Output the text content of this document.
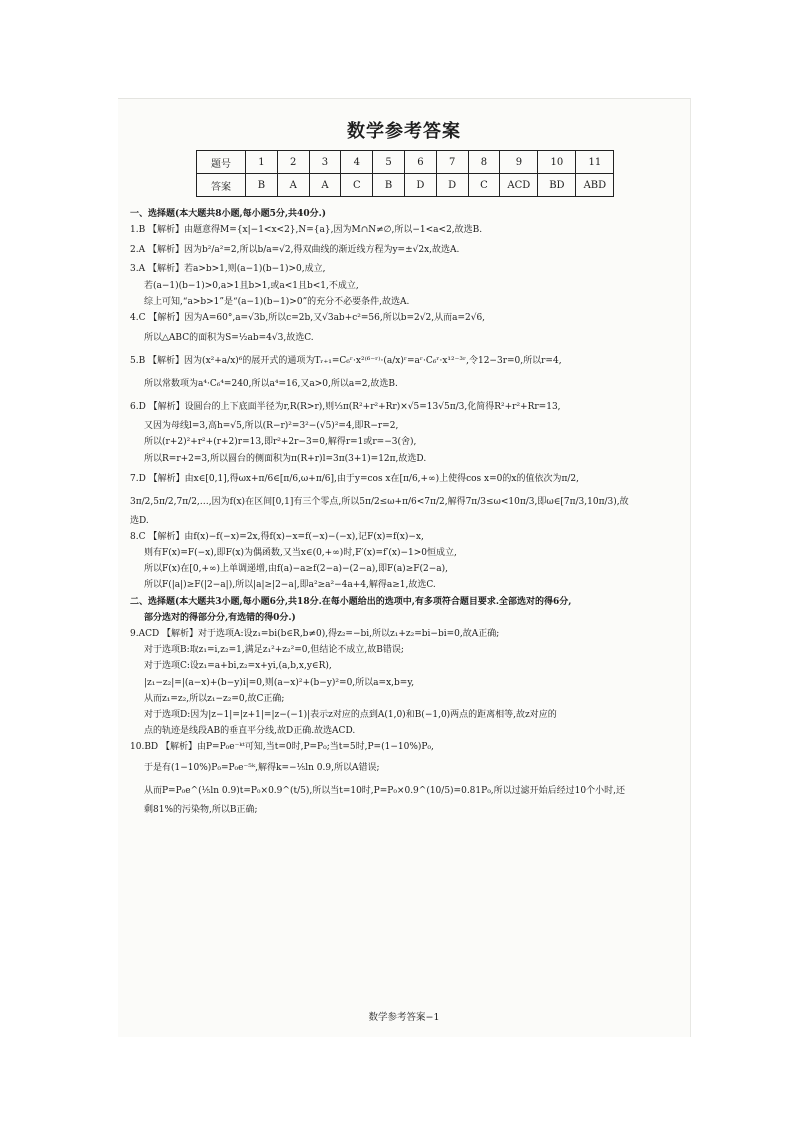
数学参考答案
题号	1	2	3	4	5	6	7	8	9	10	11
答案	B	A	A	C	B	D	D	C	ACD	BD	ABD
一、选择题(本大题共8小题,每小题5分,共40分.)
1.B 【解析】由题意得M={x|−1<x<2},N={a},因为M∩N≠∅,所以−1<a<2,故选B.
2.A 【解析】因为b²/a²=2,所以b/a=√2,得双曲线的渐近线方程为y=±√2x,故选A.
3.A 【解析】若a>b>1,则(a−1)(b−1)>0,成立,
若(a−1)(b−1)>0,a>1且b>1,或a<1且b<1,不成立,
综上可知,“a>b>1”是“(a−1)(b−1)>0”的充分不必要条件,故选A.
4.C 【解析】因为A=60°,a=√3b,所以c=2b,又√3ab+c²=56,所以b=2√2,从而a=2√6,
所以△ABC的面积为S=½ab=4√3,故选C.
5.B 【解析】因为(x²+a/x)⁶的展开式的通项为Tᵣ₊₁=C₆ʳ·x²⁽⁶⁻ʳ⁾·(a/x)ʳ=aʳ·C₆ʳ·x¹²⁻³ʳ,令12−3r=0,所以r=4,
所以常数项为a⁴·C₆⁴=240,所以a⁴=16,又a>0,所以a=2,故选B.
6.D 【解析】设圆台的上下底面半径为r,R(R>r),则⅓π(R²+r²+Rr)×√5=13√5π/3,化简得R²+r²+Rr=13,
又因为母线l=3,高h=√5,所以(R−r)²=3²−(√5)²=4,即R−r=2,
所以(r+2)²+r²+(r+2)r=13,即r²+2r−3=0,解得r=1或r=−3(舍),
所以R=r+2=3,所以圆台的侧面积为π(R+r)l=3π(3+1)=12π,故选D.
7.D 【解析】由x∈[0,1],得ωx+π/6∈[π/6,ω+π/6],由于y=cos x在[π/6,+∞)上使得cos x=0的x的值依次为π/2,
3π/2,5π/2,7π/2,…,因为f(x)在区间[0,1]有三个零点,所以5π/2≤ω+π/6<7π/2,解得7π/3≤ω<10π/3,即ω∈[7π/3,10π/3),故
选D.
8.C 【解析】由f(x)−f(−x)=2x,得f(x)−x=f(−x)−(−x),记F(x)=f(x)−x,
则有F(x)=F(−x),即F(x)为偶函数,又当x∈(0,+∞)时,F′(x)=f′(x)−1>0恒成立,
所以F(x)在[0,+∞)上单调递增,由f(a)−a≥f(2−a)−(2−a),即F(a)≥F(2−a),
所以F(|a|)≥F(|2−a|),所以|a|≥|2−a|,即a²≥a²−4a+4,解得a≥1,故选C.
二、选择题(本大题共3小题,每小题6分,共18分.在每小题给出的选项中,有多项符合题目要求.全部选对的得6分,
部分选对的得部分分,有选错的得0分.)
9.ACD 【解析】对于选项A:设z₁=bi(b∈R,b≠0),得z₂=−bi,所以z₁+z₂=bi−bi=0,故A正确;
对于选项B:取z₁=i,z₂=1,满足z₁²+z₂²=0,但结论不成立,故B错误;
对于选项C:设z₁=a+bi,z₂=x+yi,(a,b,x,y∈R),
|z₁−z₂|=|(a−x)+(b−y)i|=0,则(a−x)²+(b−y)²=0,所以a=x,b=y,
从而z₁=z₂,所以z₁−z₂=0,故C正确;
对于选项D:因为|z−1|=|z+1|=|z−(−1)|表示z对应的点到A(1,0)和B(−1,0)两点的距离相等,故z对应的
点的轨迹是线段AB的垂直平分线,故D正确.故选ACD.
10.BD 【解析】由P=P₀e⁻ᵏᵗ可知,当t=0时,P=P₀;当t=5时,P=(1−10%)P₀,
于是有(1−10%)P₀=P₀e⁻⁵ᵏ,解得k=−⅕ln 0.9,所以A错误;
从而P=P₀e^(⅕ln 0.9)t=P₀×0.9^(t/5),所以当t=10时,P=P₀×0.9^(10/5)=0.81P₀,所以过滤开始后经过10个小时,还
剩81%的污染物,所以B正确;
数学参考答案−1
